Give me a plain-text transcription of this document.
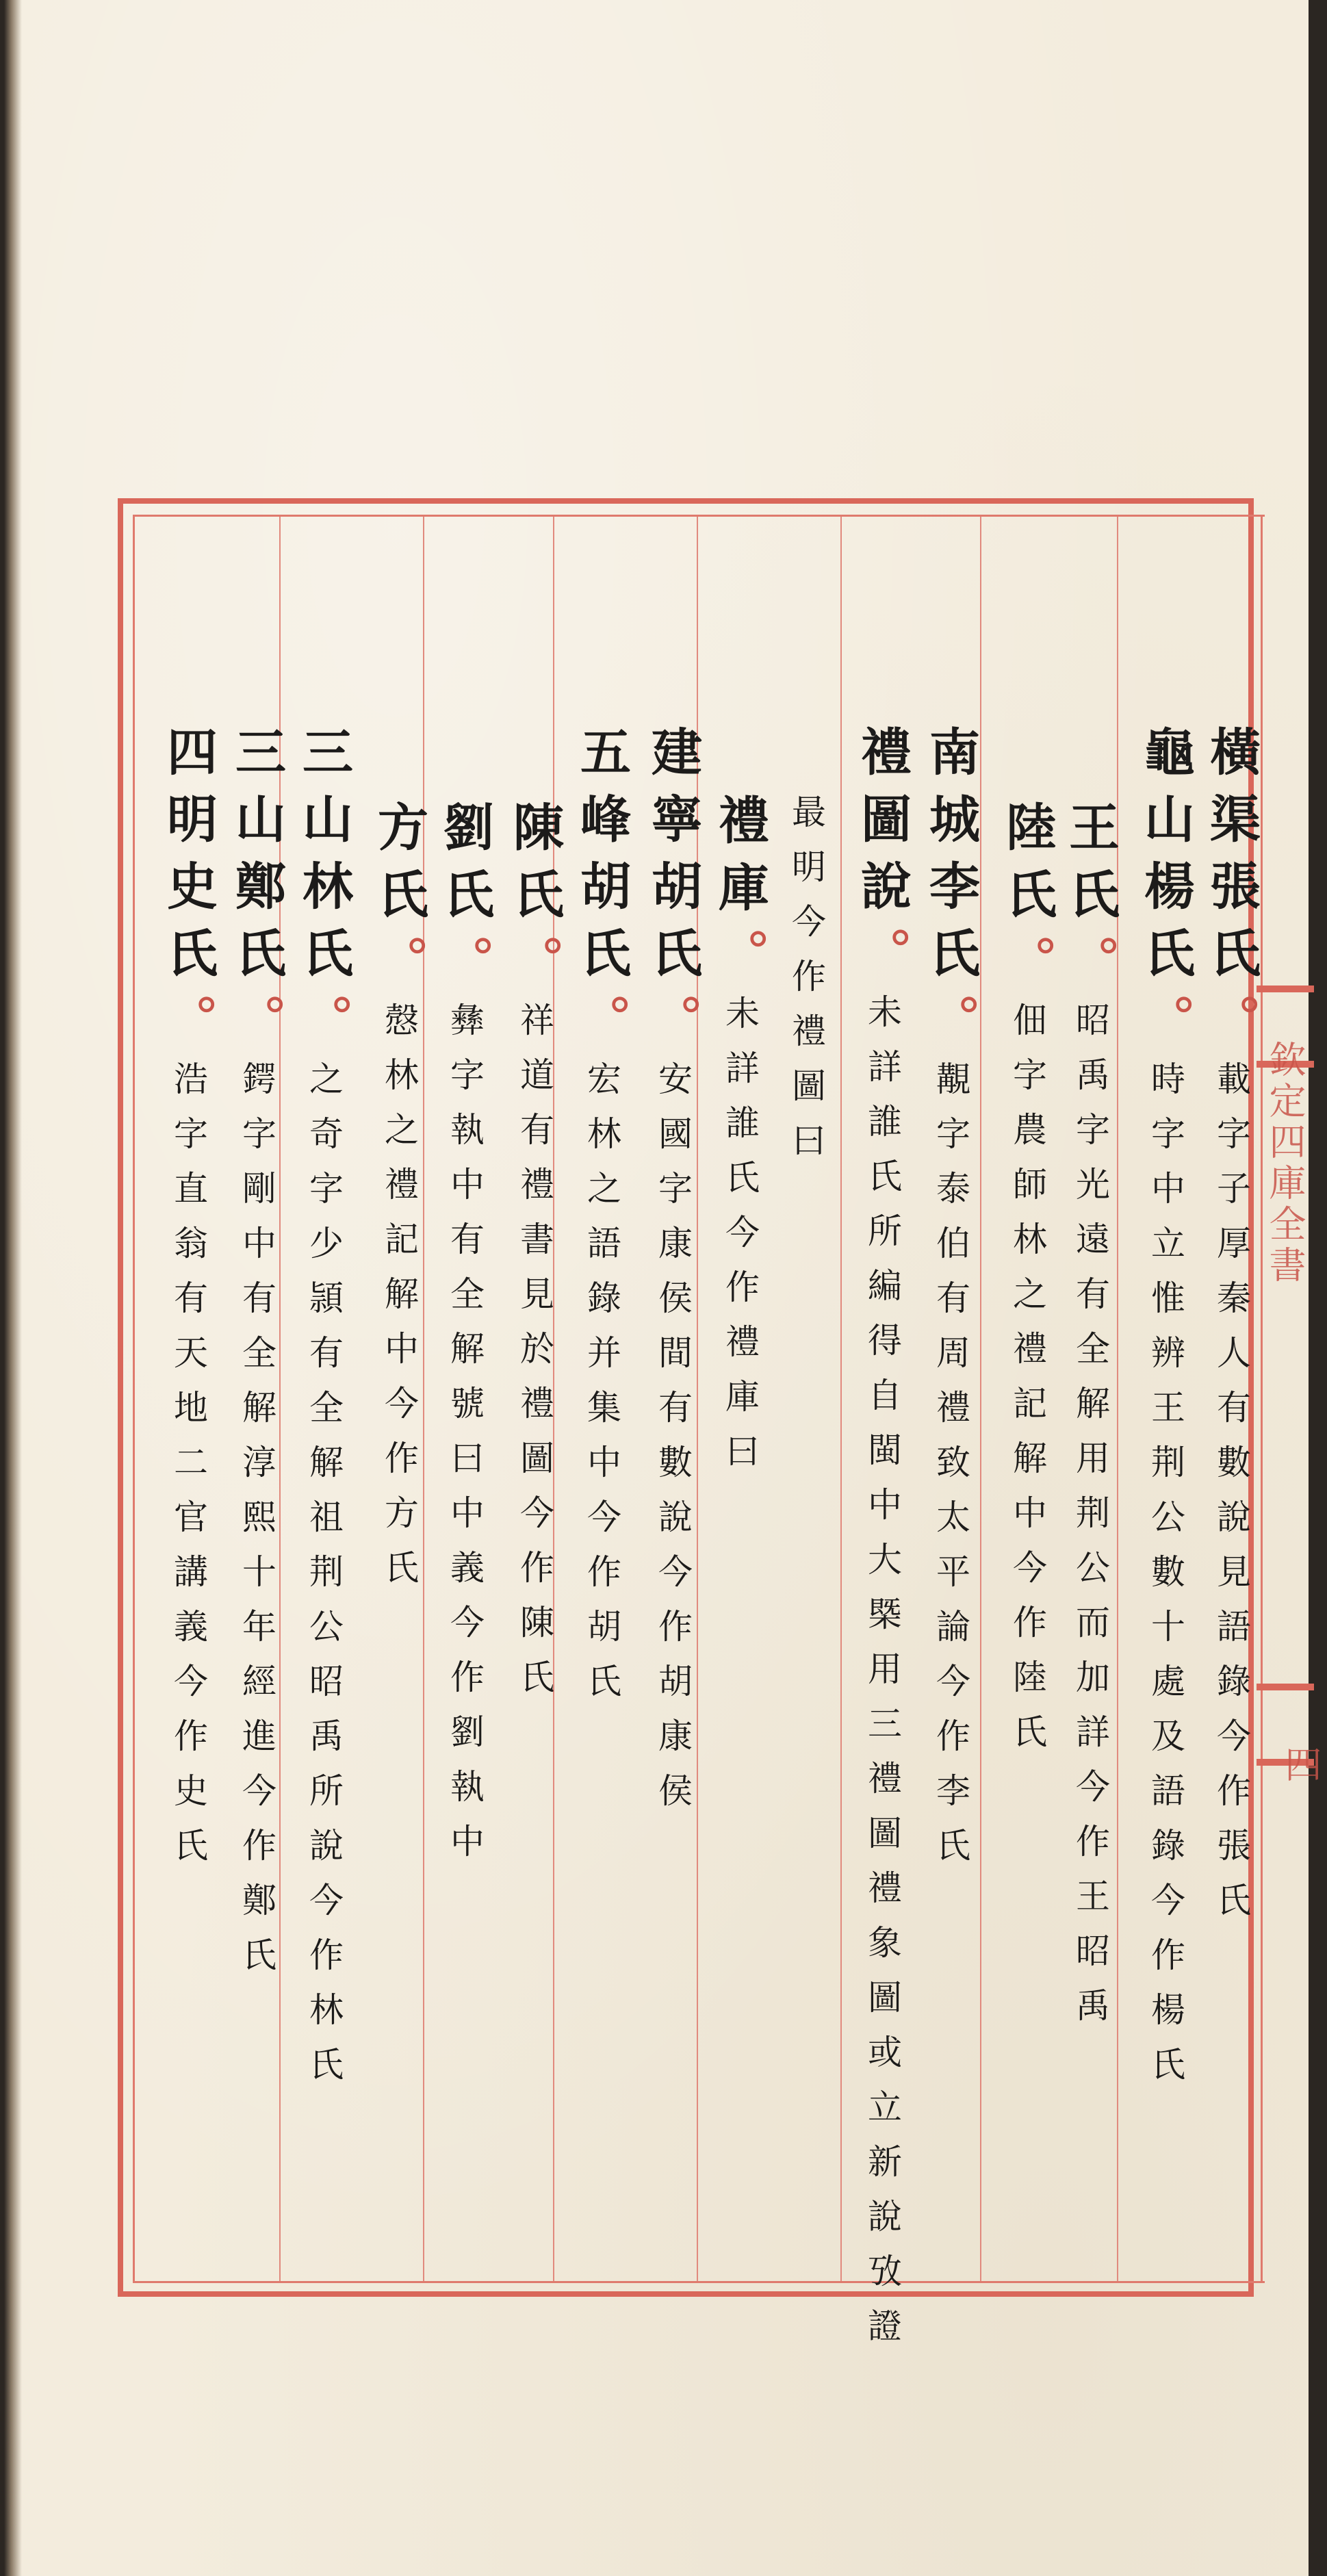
欽定四庫全書
四
橫渠張氏。載字子厚秦人有數說見語錄今作張氏
龜山楊氏。時字中立惟辨王荆公數十處及語錄今作楊氏
王氏。昭禹字光遠有全解用荆公而加詳今作王昭禹
陸氏。佃字農師林之禮記解中今作陸氏
南城李氏。覯字泰伯有周禮致太平論今作李氏
禮圖說。未詳誰氏所編得自閩中大槩用三禮圖禮象圖或立新說攷證
最明今作禮圖曰
禮庫。未詳誰氏今作禮庫曰
建寧胡氏。安國字康侯間有數說今作胡康侯
五峰胡氏。宏林之語錄并集中今作胡氏
陳氏。祥道有禮書見於禮圖今作陳氏
劉氏。彝字執中有全解號曰中義今作劉執中
方氏。慤林之禮記解中今作方氏
三山林氏。之奇字少頴有全解祖荆公昭禹所說今作林氏
三山鄭氏。鍔字剛中有全解淳熙十年經進今作鄭氏
四明史氏。浩字直翁有天地二官講義今作史氏
